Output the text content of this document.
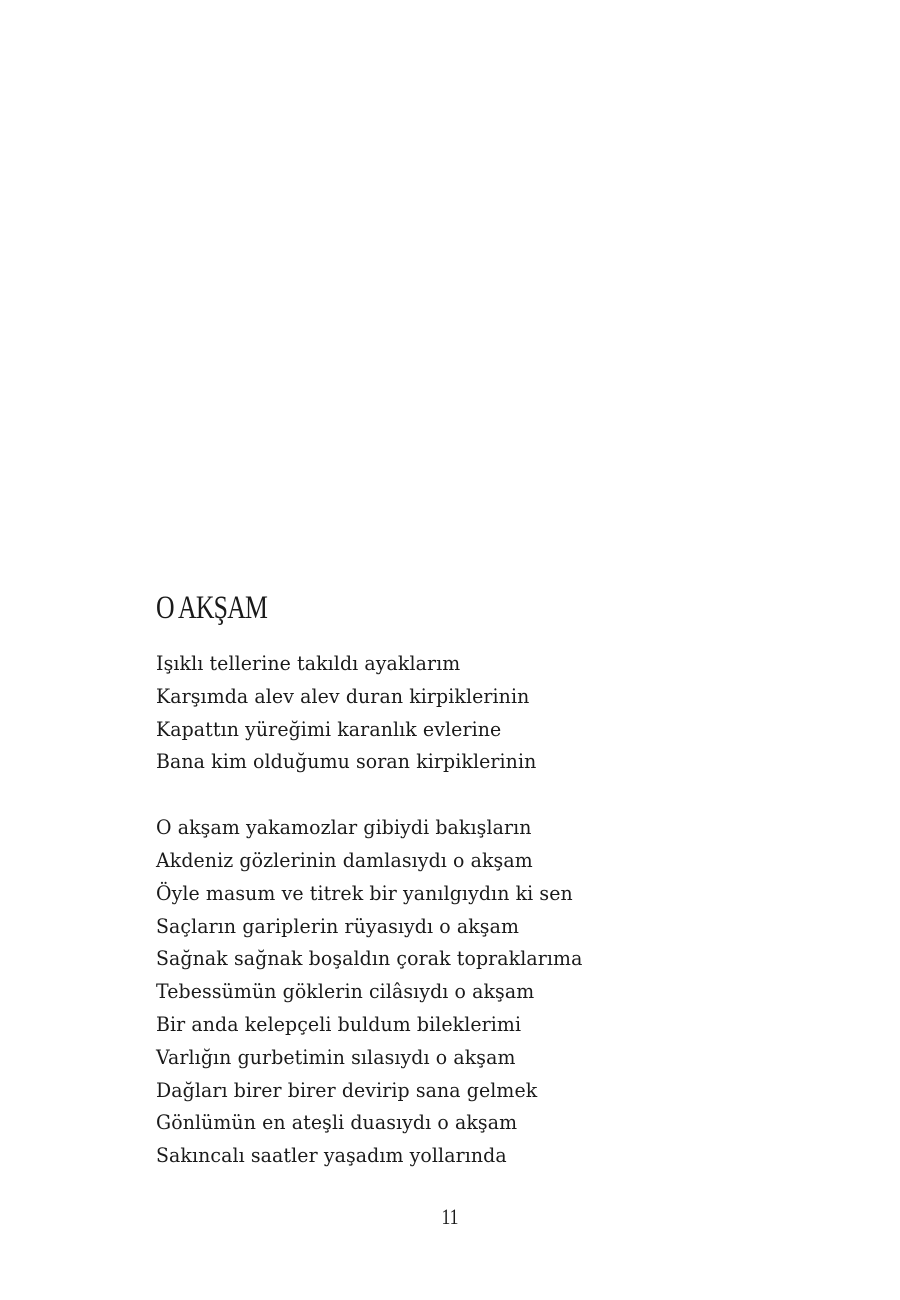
O AKŞAM

Işıklı tellerine takıldı ayaklarım
Karşımda alev alev duran kirpiklerinin
Kapattın yüreğimi karanlık evlerine
Bana kim olduğumu soran kirpiklerinin

O akşam yakamozlar gibiydi bakışların
Akdeniz gözlerinin damlasıydı o akşam
Öyle masum ve titrek bir yanılgıydın ki sen
Saçların gariplerin rüyasıydı o akşam
Sağnak sağnak boşaldın çorak topraklarıma
Tebessümün göklerin cilâsıydı o akşam
Bir anda kelepçeli buldum bileklerimi
Varlığın gurbetimin sılasıydı o akşam
Dağları birer birer devirip sana gelmek
Gönlümün en ateşli duasıydı o akşam
Sakıncalı saatler yaşadım yollarında

11
